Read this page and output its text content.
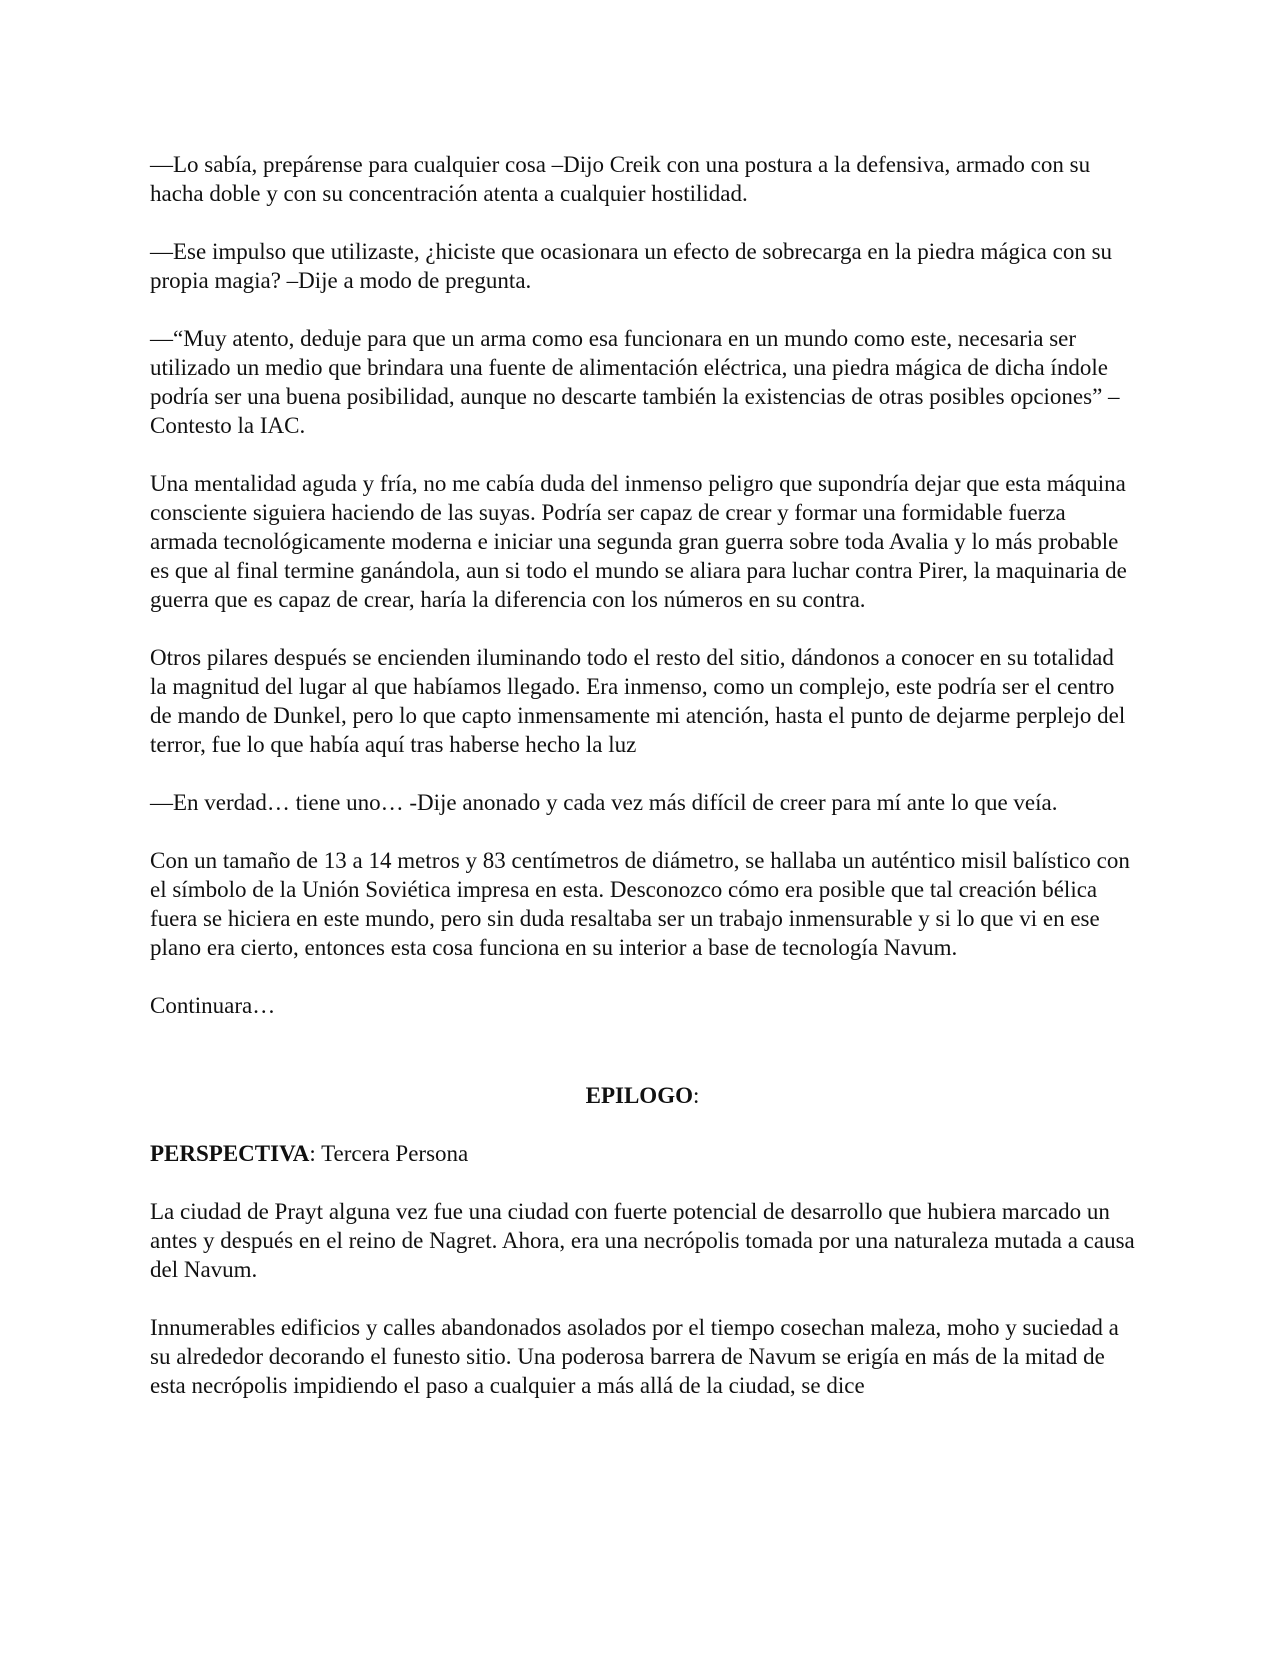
—Lo sabía, prepárense para cualquier cosa –Dijo Creik con una postura a la defensiva, armado con su hacha doble y con su concentración atenta a cualquier hostilidad.

—Ese impulso que utilizaste, ¿hiciste que ocasionara un efecto de sobrecarga en la piedra mágica con su propia magia? –Dije a modo de pregunta.

—“Muy atento, deduje para que un arma como esa funcionara en un mundo como este, necesaria ser utilizado un medio que brindara una fuente de alimentación eléctrica, una piedra mágica de dicha índole podría ser una buena posibilidad, aunque no descarte también la existencias de otras posibles opciones” –Contesto la IAC.

Una mentalidad aguda y fría, no me cabía duda del inmenso peligro que supondría dejar que esta máquina consciente siguiera haciendo de las suyas. Podría ser capaz de crear y formar una formidable fuerza armada tecnológicamente moderna e iniciar una segunda gran guerra sobre toda Avalia y lo más probable es que al final termine ganándola, aun si todo el mundo se aliara para luchar contra Pirer, la maquinaria de guerra que es capaz de crear, haría la diferencia con los números en su contra.

Otros pilares después se encienden iluminando todo el resto del sitio, dándonos a conocer en su totalidad la magnitud del lugar al que habíamos llegado. Era inmenso, como un complejo, este podría ser el centro de mando de Dunkel, pero lo que capto inmensamente mi atención, hasta el punto de dejarme perplejo del terror, fue lo que había aquí tras haberse hecho la luz

—En verdad… tiene uno… -Dije anonado y cada vez más difícil de creer para mí ante lo que veía.

Con un tamaño de 13 a 14 metros y 83 centímetros de diámetro, se hallaba un auténtico misil balístico con el símbolo de la Unión Soviética impresa en esta. Desconozco cómo era posible que tal creación bélica fuera se hiciera en este mundo, pero sin duda resaltaba ser un trabajo inmensurable y si lo que vi en ese plano era cierto, entonces esta cosa funciona en su interior a base de tecnología Navum.

Continuara…

EPILOGO:

PERSPECTIVA: Tercera Persona

La ciudad de Prayt alguna vez fue una ciudad con fuerte potencial de desarrollo que hubiera marcado un antes y después en el reino de Nagret. Ahora, era una necrópolis tomada por una naturaleza mutada a causa del Navum.

Innumerables edificios y calles abandonados asolados por el tiempo cosechan maleza, moho y suciedad a su alrededor decorando el funesto sitio. Una poderosa barrera de Navum se erigía en más de la mitad de esta necrópolis impidiendo el paso a cualquier a más allá de la ciudad, se dice
